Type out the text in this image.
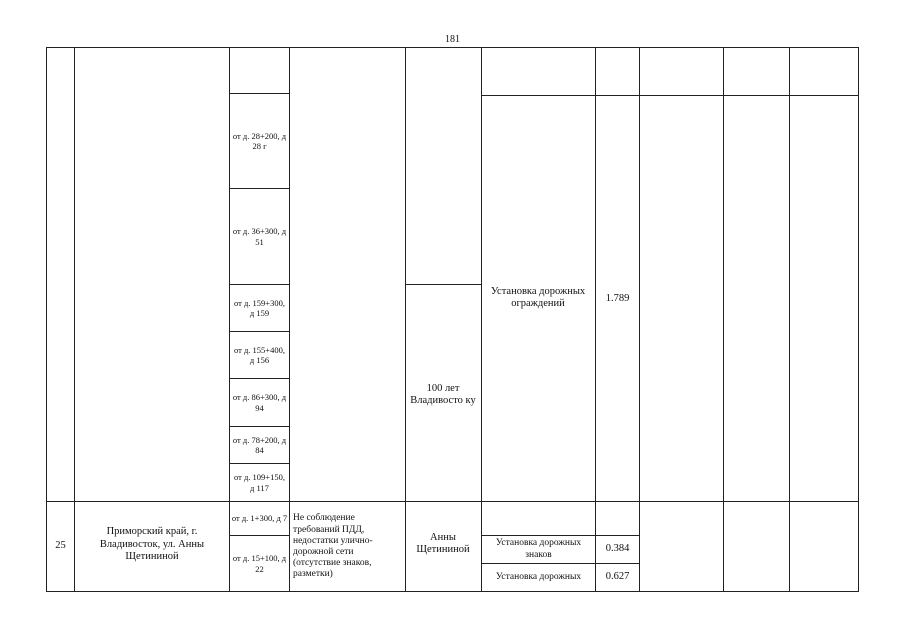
181
от д. 28+200, д 28 г
от д. 36+300, д 51
от д. 159+300, д 159
от д. 155+400, д 156
от д. 86+300, д 94
от д. 78+200, д 84
от д. 109+150, д 117
100 лет Владивосто ку
Установка дорожных ограждений	1.789
25
Приморский край, г. Владивосток, ул. Анны Щетининой
от д. 1+300, д 7
от д. 15+100, д 22
Не соблюдение требований ПДД, недостатки улично-дорожной сети (отсутствие знаков, разметки)
Анны Щетининой
Установка дорожных знаков
0.384
Установка дорожных	0.627
